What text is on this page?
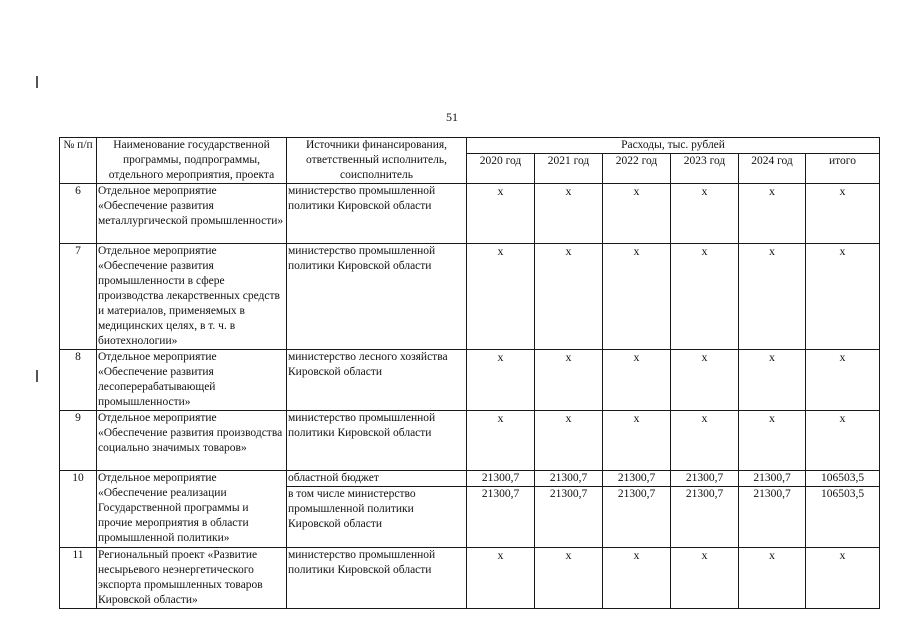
51
№ п/п	Наименование государственной программы, подпрограммы, отдельного мероприятия, проекта	Источники финансирования, ответственный исполнитель, соисполнитель	Расходы, тыс. рублей					
			2020 год	2021 год	2022 год	2023 год	2024 год	итого
6	Отдельное мероприятие «Обеспечение развития металлургической промышленности»	министерство промышленной политики Кировской области	x	x	x	x	x	x
7	Отдельное мероприятие «Обеспечение развития промышленности в сфере производства лекарственных средств и материалов, применяемых в медицинских целях, в т. ч. в биотехнологии»	министерство промышленной политики Кировской области	x	x	x	x	x	x
8	Отдельное мероприятие «Обеспечение развития лесоперерабатывающей промышленности»	министерство лесного хозяйства Кировской области	x	x	x	x	x	x
9	Отдельное мероприятие «Обеспечение развития производства социально значимых товаров»	министерство промышленной политики Кировской области	x	x	x	x	x	x
10	Отдельное мероприятие «Обеспечение реализации Государственной программы и прочие мероприятия в области промышленной политики»	областной бюджет	21300,7	21300,7	21300,7	21300,7	21300,7	106503,5
		в том числе министерство промышленной политики Кировской области	21300,7	21300,7	21300,7	21300,7	21300,7	106503,5
11	Региональный проект «Развитие несырьевого неэнергетического экспорта промышленных товаров Кировской области»	министерство промышленной политики Кировской области	x	x	x	x	x	x
